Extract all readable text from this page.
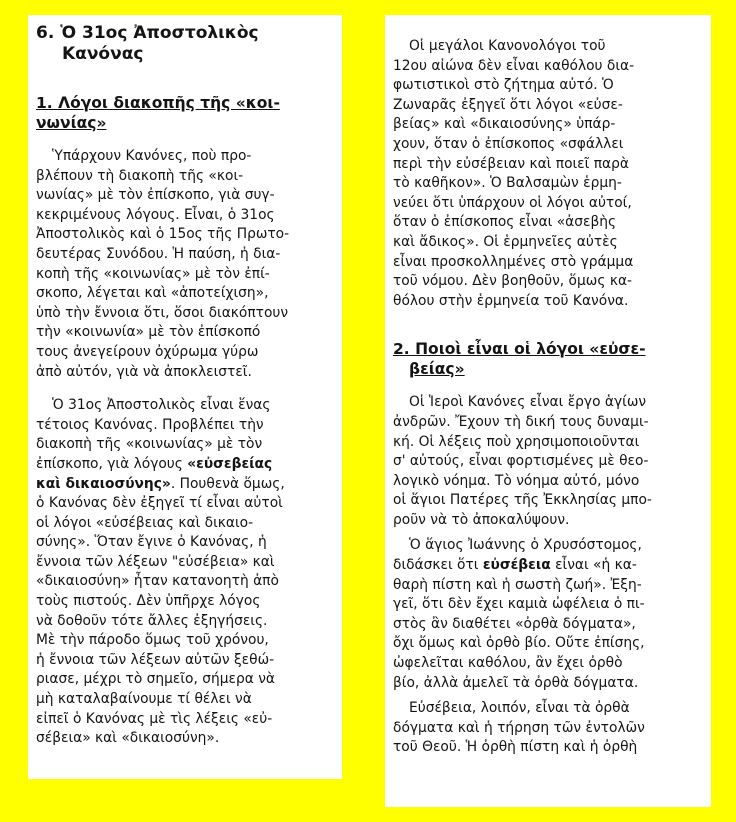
6. Ὁ 31ος Ἀποστολικὸς
Κανόνας
1. Λόγοι διακοπῆς τῆς «κοι-
νωνίας»
Ὑπάρχουν Κανόνες, ποὺ προ-
βλέπουν τὴ διακοπὴ τῆς «κοι-
νωνίας» μὲ τὸν ἐπίσκοπο, γιὰ συγ-
κεκριμένους λόγους. Εἶναι, ὁ 31ος
Ἀποστολικὸς καὶ ὁ 15ος τῆς Πρωτο-
δευτέρας Συνόδου. Ἡ παύση, ἡ δια-
κοπὴ τῆς «κοινωνίας» μὲ τὸν ἐπί-
σκοπο, λέγεται καὶ «ἀποτείχιση»,
ὑπὸ τὴν ἔννοια ὅτι, ὅσοι διακόπτουν
τὴν «κοινωνία» μὲ τὸν ἐπίσκοπό
τους ἀνεγείρουν ὀχύρωμα γύρω
ἀπὸ αὐτόν, γιὰ νὰ ἀποκλειστεῖ.
Ὁ 31ος Ἀποστολικὸς εἶναι ἕνας
τέτοιος Κανόνας. Προβλέπει τὴν
διακοπὴ τῆς «κοινωνίας» μὲ τὸν
ἐπίσκοπο, γιὰ λόγους «εὐσεβείας
καὶ δικαιοσύνης». Πουθενὰ ὅμως,
ὁ Κανόνας δὲν ἐξηγεῖ τί εἶναι αὐτοὶ
οἱ λόγοι «εὐσέβειας καὶ δικαιο-
σύνης». Ὅταν ἔγινε ὁ Κανόνας, ἡ
ἔννοια τῶν λέξεων "εὐσέβεια» καὶ
«δικαιοσύνη» ἦταν κατανοητὴ ἀπὸ
τοὺς πιστούς. Δὲν ὑπῆρχε λόγος
νὰ δοθοῦν τότε ἄλλες ἐξηγήσεις.
Μὲ τὴν πάροδο ὅμως τοῦ χρόνου,
ἡ ἔννοια τῶν λέξεων αὐτῶν ξεθώ-
ριασε, μέχρι τὸ σημεῖο, σήμερα νὰ
μὴ καταλαβαίνουμε τί θέλει νὰ
εἰπεῖ ὁ Κανόνας μὲ τὶς λέξεις «εὐ-
σέβεια» καὶ «δικαιοσύνη».
Οἱ μεγάλοι Κανονολόγοι τοῦ
12ου αἰώνα δὲν εἶναι καθόλου δια-
φωτιστικοὶ στὸ ζήτημα αὐτό. Ὁ
Ζωναρᾶς ἐξηγεῖ ὅτι λόγοι «εὐσε-
βείας» καὶ «δικαιοσύνης» ὑπάρ-
χουν, ὅταν ὁ ἐπίσκοπος «σφάλλει
περὶ τὴν εὐσέβειαν καὶ ποιεῖ παρὰ
τὸ καθῆκον». Ὁ Βαλσαμὼν ἑρμη-
νεύει ὅτι ὑπάρχουν οἱ λόγοι αὐτοί,
ὅταν ὁ ἐπίσκοπος εἶναι «ἀσεβὴς
καὶ ἄδικος». Οἱ ἑρμηνεῖες αὐτὲς
εἶναι προσκολλημένες στὸ γράμμα
τοῦ νόμου. Δὲν βοηθοῦν, ὅμως κα-
θόλου στὴν ἑρμηνεία τοῦ Κανόνα.
2. Ποιοὶ εἶναι οἱ λόγοι «εὐσε-
βείας»
Οἱ Ἱεροὶ Κανόνες εἶναι ἔργο ἁγίων
ἀνδρῶν. Ἔχουν τὴ δική τους δυναμι-
κή. Οἱ λέξεις ποὺ χρησιμοποιοῦνται
σ' αὐτούς, εἶναι φορτισμένες μὲ θεο-
λογικὸ νόημα. Τὸ νόημα αὐτό, μόνο
οἱ ἅγιοι Πατέρες τῆς Ἐκκλησίας μπο-
ροῦν νὰ τὸ ἀποκαλύψουν.
Ὁ ἅγιος Ἰωάννης ὁ Χρυσόστομος,
διδάσκει ὅτι εὐσέβεια εἶναι «ἡ κα-
θαρὴ πίστη καὶ ἡ σωστὴ ζωή». Ἐξη-
γεῖ, ὅτι δὲν ἔχει καμιὰ ὠφέλεια ὁ πι-
στὸς ἂν διαθέτει «ὀρθὰ δόγματα»,
ὄχι ὅμως καὶ ὀρθὸ βίο. Οὔτε ἐπίσης,
ὠφελεῖται καθόλου, ἂν ἔχει ὀρθὸ
βίο, ἀλλὰ ἀμελεῖ τὰ ὀρθὰ δόγματα.
Εὐσέβεια, λοιπόν, εἶναι τὰ ὀρθὰ
δόγματα καὶ ἡ τήρηση τῶν ἐντολῶν
τοῦ Θεοῦ. Ἡ ὀρθὴ πίστη καὶ ἡ ὀρθὴ
